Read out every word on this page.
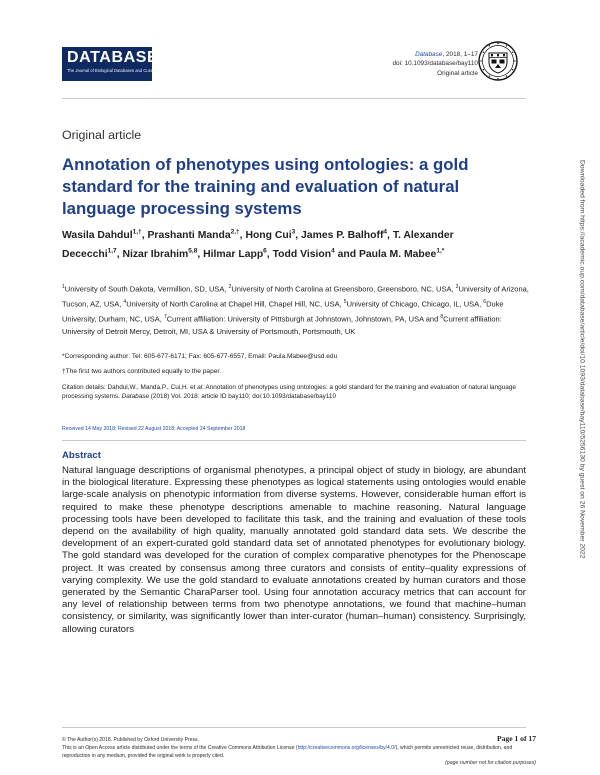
DATABASE
The Journal of Biological Databases and Curation
Database, 2018, 1–17
doi: 10.1093/database/bay110
Original article
Original article
Annotation of phenotypes using ontologies: a gold standard for the training and evaluation of natural language processing systems
Wasila Dahdul$^{1,\dagger}$, Prashanti Manda$^{2,\dagger}$, Hong Cui$^3$, James P. Balhoff$^4$, T. Alexander Dececchi$^{1,7}$, Nizar Ibrahim$^{5,8}$, Hilmar Lapp$^6$, Todd Vision$^4$ and Paula M. Mabee$^{1,*}$
$^1$University of South Dakota, Vermillion, SD, USA, $^2$University of North Carolina at Greensboro, Greensboro, NC, USA, $^3$University of Arizona, Tucson, AZ, USA, $^4$University of North Carolina at Chapel Hill, Chapel Hill, NC, USA, $^5$University of Chicago, Chicago, IL, USA, $^6$Duke University, Durham, NC, USA, $^7$Current affiliation: University of Pittsburgh at Johnstown, Johnstown, PA, USA and $^8$Current affiliation: University of Detroit Mercy, Detroit, MI, USA & University of Portsmouth, Portsmouth, UK
*Corresponding author: Tel: 605-677-6171; Fax: 605-677-6557, Email: Paula.Mabee@usd.edu
†The first two authors contributed equally to the paper.
Citation details: Dahdul,W., Manda,P., Cui,H. et al. Annotation of phenotypes using ontologies: a gold standard for the training and evaluation of natural language processing systems. Database (2018) Vol. 2018: article ID bay110; doi:10.1093/database/bay110
Received 14 May 2018; Revised 22 August 2018; Accepted 24 September 2018
Abstract
Natural language descriptions of organismal phenotypes, a principal object of study in biology, are abundant in the biological literature. Expressing these phenotypes as logical statements using ontologies would enable large-scale analysis on phenotypic information from diverse systems. However, considerable human effort is required to make these phenotype descriptions amenable to machine reasoning. Natural language processing tools have been developed to facilitate this task, and the training and evaluation of these tools depend on the availability of high quality, manually annotated gold standard data sets. We describe the development of an expert-curated gold standard data set of annotated phenotypes for evolutionary biology. The gold standard was developed for the curation of complex comparative phenotypes for the Phenoscape project. It was created by consensus among three curators and consists of entity–quality expressions of varying complexity. We use the gold standard to evaluate annotations created by human curators and those generated by the Semantic CharaParser tool. Using four annotation accuracy metrics that can account for any level of relationship between terms from two phenotype annotations, we found that machine–human consistency, or similarity, was significantly lower than inter-curator (human–human) consistency. Surprisingly, allowing curators
Downloaded from https://academic.oup.com/database/article/doi/10.1093/database/bay110/5256130 by guest on 26 November 2022
© The Author(s) 2018. Published by Oxford University Press.
This is an Open Access article distributed under the terms of the Creative Commons Attribution License (http://creativecommons.org/licenses/by/4.0/), which permits unrestricted reuse, distribution, and reproduction in any medium, provided the original work is properly cited.
Page 1 of 17
(page number not for citation purposes)
